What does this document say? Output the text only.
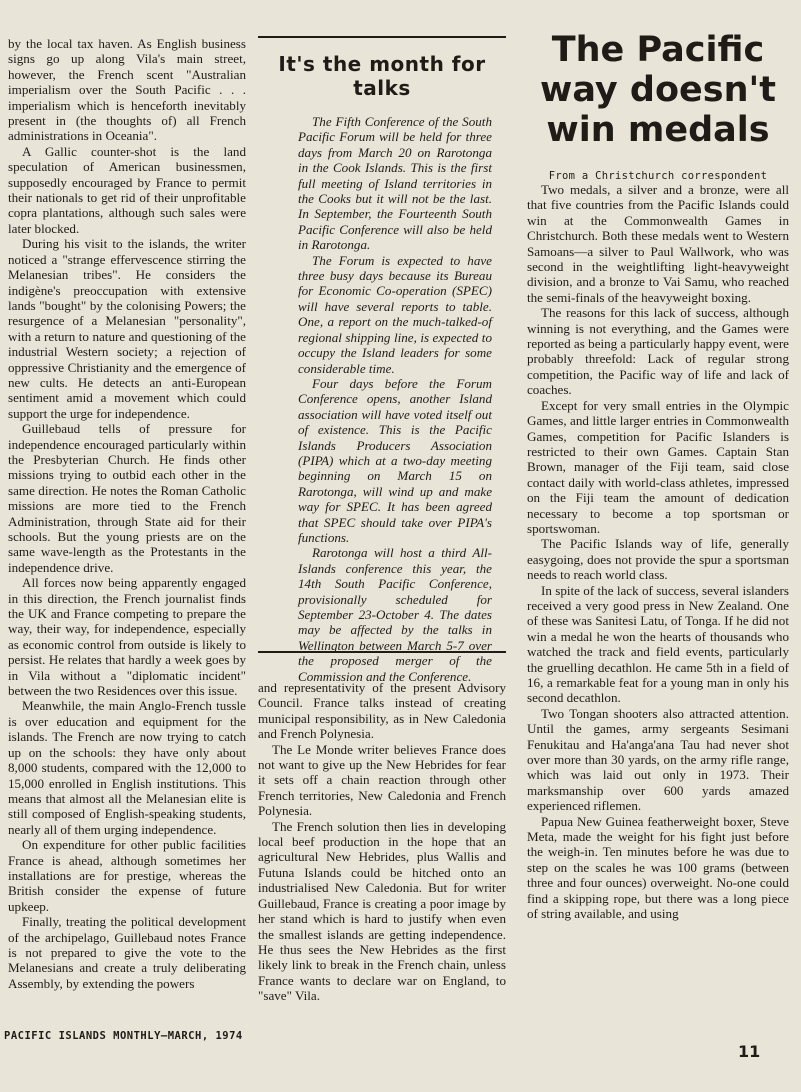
by the local tax haven. As English business signs go up along Vila's main street, however, the French scent "Australian imperialism over the South Pacific . . . imperialism which is henceforth inevitably present in (the thoughts of) all French administrations in Oceania".

A Gallic counter-shot is the land speculation of American businessmen, supposedly encouraged by France to permit their nationals to get rid of their unprofitable copra plantations, although such sales were later blocked.

During his visit to the islands, the writer noticed a "strange effervescence stirring the Melanesian tribes". He considers the indigène's preoccupation with extensive lands "bought" by the colonising Powers; the resurgence of a Melanesian "personality", with a return to nature and questioning of the industrial Western society; a rejection of oppressive Christianity and the emergence of new cults. He detects an anti-European sentiment amid a movement which could support the urge for independence.

Guillebaud tells of pressure for independence encouraged particularly within the Presbyterian Church. He finds other missions trying to outbid each other in the same direction. He notes the Roman Catholic missions are more tied to the French Administration, through State aid for their schools. But the young priests are on the same wave-length as the Protestants in the independence drive.

All forces now being apparently engaged in this direction, the French journalist finds the UK and France competing to prepare the way, their way, for independence, especially as economic control from outside is likely to persist. He relates that hardly a week goes by in Vila without a "diplomatic incident" between the two Residences over this issue.

Meanwhile, the main Anglo-French tussle is over education and equipment for the islands. The French are now trying to catch up on the schools: they have only about 8,000 students, compared with the 12,000 to 15,000 enrolled in English institutions. This means that almost all the Melanesian elite is still composed of English-speaking students, nearly all of them urging independence.

On expenditure for other public facilities France is ahead, although sometimes her installations are for prestige, whereas the British consider the expense of future upkeep.

Finally, treating the political development of the archipelago, Guillebaud notes France is not prepared to give the vote to the Melanesians and create a truly deliberating Assembly, by extending the powers

It's the month for talks

The Fifth Conference of the South Pacific Forum will be held for three days from March 20 on Rarotonga in the Cook Islands. This is the first full meeting of Island territories in the Cooks but it will not be the last. In September, the Fourteenth South Pacific Conference will also be held in Rarotonga.

The Forum is expected to have three busy days because its Bureau for Economic Co-operation (SPEC) will have several reports to table. One, a report on the much-talked-of regional shipping line, is expected to occupy the Island leaders for some considerable time.

Four days before the Forum Conference opens, another Island association will have voted itself out of existence. This is the Pacific Islands Producers Association (PIPA) which at a two-day meeting beginning on March 15 on Rarotonga, will wind up and make way for SPEC. It has been agreed that SPEC should take over PIPA's functions.

Rarotonga will host a third All-Islands conference this year, the 14th South Pacific Conference, provisionally scheduled for September 23-October 4. The dates may be affected by the talks in Wellington between March 5-7 over the proposed merger of the Commission and the Conference.

and representativity of the present Advisory Council. France talks instead of creating municipal responsibility, as in New Caledonia and French Polynesia.

The Le Monde writer believes France does not want to give up the New Hebrides for fear it sets off a chain reaction through other French territories, New Caledonia and French Polynesia.

The French solution then lies in developing local beef production in the hope that an agricultural New Hebrides, plus Wallis and Futuna Islands could be hitched onto an industrialised New Caledonia. But for writer Guillebaud, France is creating a poor image by her stand which is hard to justify when even the smallest islands are getting independence. He thus sees the New Hebrides as the first likely link to break in the French chain, unless France wants to declare war on England, to "save" Vila.

The Pacific way doesn't win medals
From a Christchurch correspondent

Two medals, a silver and a bronze, were all that five countries from the Pacific Islands could win at the Commonwealth Games in Christchurch. Both these medals went to Western Samoans—a silver to Paul Wallwork, who was second in the weightlifting light-heavyweight division, and a bronze to Vai Samu, who reached the semi-finals of the heavyweight boxing.

The reasons for this lack of success, although winning is not everything, and the Games were reported as being a particularly happy event, were probably threefold: Lack of regular strong competition, the Pacific way of life and lack of coaches.

Except for very small entries in the Olympic Games, and little larger entries in Commonwealth Games, competition for Pacific Islanders is restricted to their own Games. Captain Stan Brown, manager of the Fiji team, said close contact daily with world-class athletes, impressed on the Fiji team the amount of dedication necessary to become a top sportsman or sportswoman.

The Pacific Islands way of life, generally easygoing, does not provide the spur a sportsman needs to reach world class.

In spite of the lack of success, several islanders received a very good press in New Zealand. One of these was Sanitesi Latu, of Tonga. If he did not win a medal he won the hearts of thousands who watched the track and field events, particularly the gruelling decathlon. He came 5th in a field of 16, a remarkable feat for a young man in only his second decathlon.

Two Tongan shooters also attracted attention. Until the games, army sergeants Sesimani Fenukitau and Ha'anga'ana Tau had never shot over more than 30 yards, on the army rifle range, which was laid out only in 1973. Their marksmanship over 600 yards amazed experienced riflemen.

Papua New Guinea featherweight boxer, Steve Meta, made the weight for his fight just before the weigh-in. Ten minutes before he was due to step on the scales he was 100 grams (between three and four ounces) overweight. No-one could find a skipping rope, but there was a long piece of string available, and using

PACIFIC ISLANDS MONTHLY—MARCH, 1974
11
